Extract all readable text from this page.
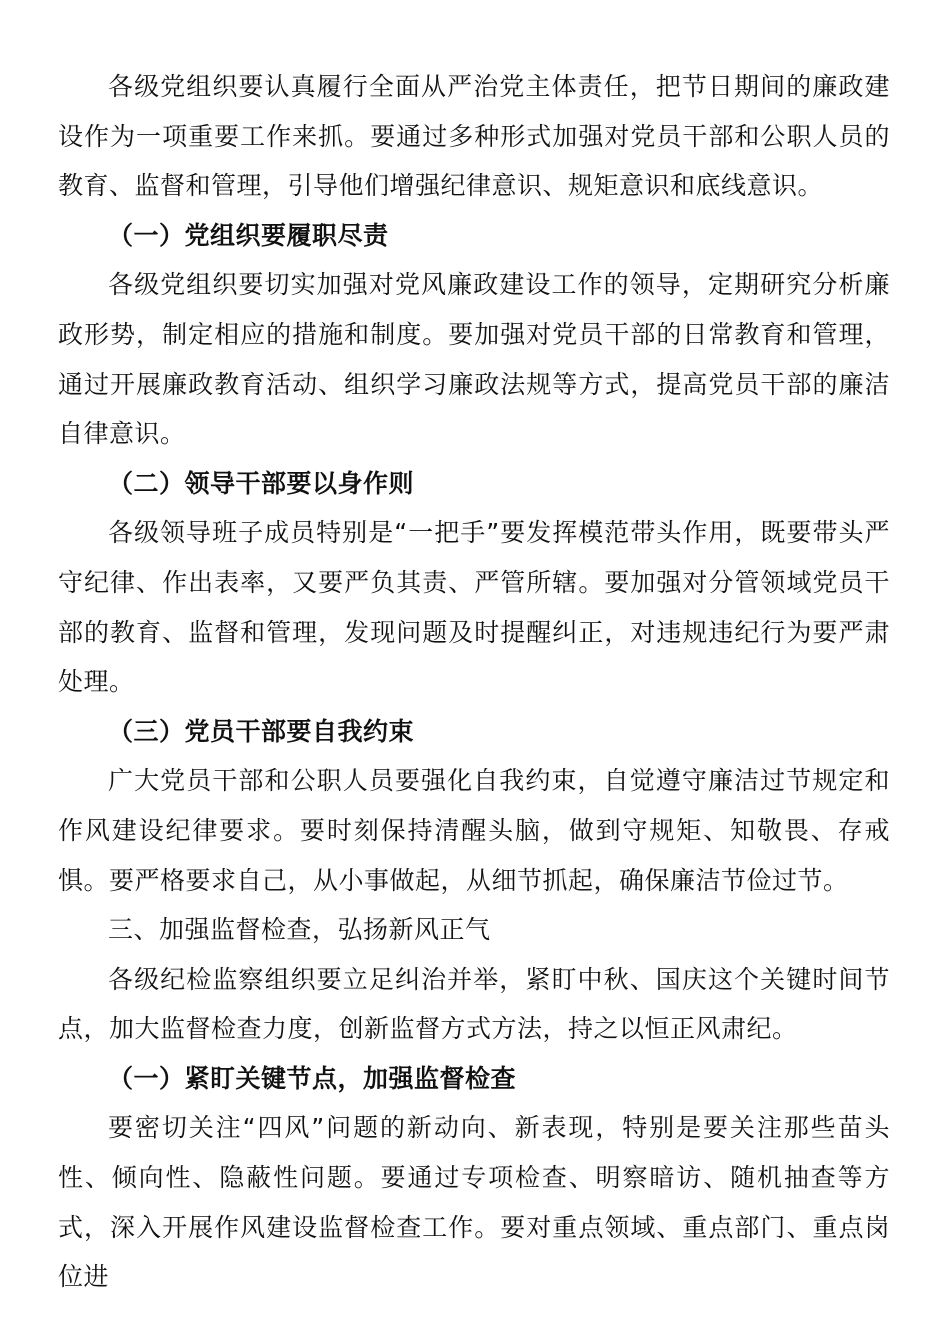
各级党组织要认真履行全面从严治党主体责任，把节日期间的廉政建设作为一项重要工作来抓。要通过多种形式加强对党员干部和公职人员的教育、监督和管理，引导他们增强纪律意识、规矩意识和底线意识。

（一）党组织要履职尽责

各级党组织要切实加强对党风廉政建设工作的领导，定期研究分析廉政形势，制定相应的措施和制度。要加强对党员干部的日常教育和管理，通过开展廉政教育活动、组织学习廉政法规等方式，提高党员干部的廉洁自律意识。

（二）领导干部要以身作则

各级领导班子成员特别是“一把手”要发挥模范带头作用，既要带头严守纪律、作出表率，又要严负其责、严管所辖。要加强对分管领域党员干部的教育、监督和管理，发现问题及时提醒纠正，对违规违纪行为要严肃处理。

（三）党员干部要自我约束

广大党员干部和公职人员要强化自我约束，自觉遵守廉洁过节规定和作风建设纪律要求。要时刻保持清醒头脑，做到守规矩、知敬畏、存戒惧。要严格要求自己，从小事做起，从细节抓起，确保廉洁节俭过节。

三、加强监督检查，弘扬新风正气

各级纪检监察组织要立足纠治并举，紧盯中秋、国庆这个关键时间节点，加大监督检查力度，创新监督方式方法，持之以恒正风肃纪。

（一）紧盯关键节点，加强监督检查

要密切关注“四风”问题的新动向、新表现，特别是要关注那些苗头性、倾向性、隐蔽性问题。要通过专项检查、明察暗访、随机抽查等方式，深入开展作风建设监督检查工作。要对重点领域、重点部门、重点岗位进
